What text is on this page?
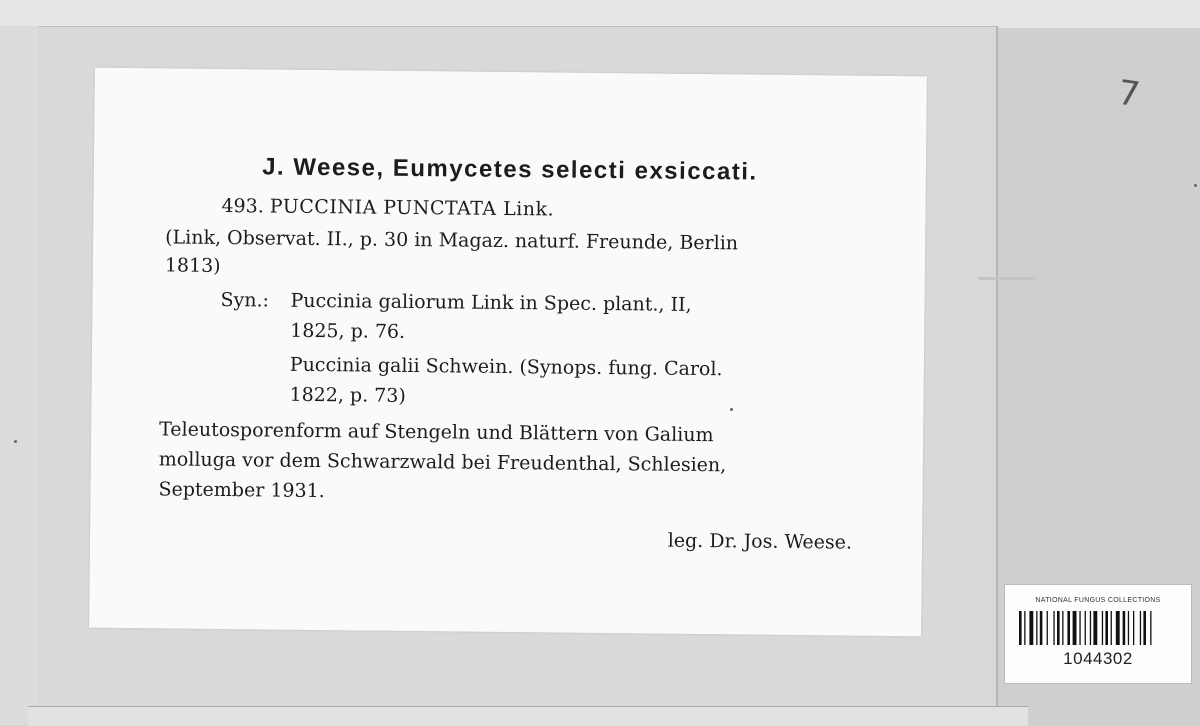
J. Weese, Eumycetes selecti exsiccati.
493. PUCCINIA PUNCTATA Link.
(Link, Observat. II., p. 30 in Magaz. naturf. Freunde, Berlin
1813)
Syn.: Puccinia galiorum Link in Spec. plant., II,
1825, p. 76.
Puccinia galii Schwein. (Synops. fung. Carol.
1822, p. 73)
Teleutosporenform auf Stengeln und Blättern von Galium
molluga vor dem Schwarzwald bei Freudenthal, Schlesien,
September 1931.
leg. Dr. Jos. Weese.
7
NATIONAL FUNGUS COLLECTIONS
1044302
